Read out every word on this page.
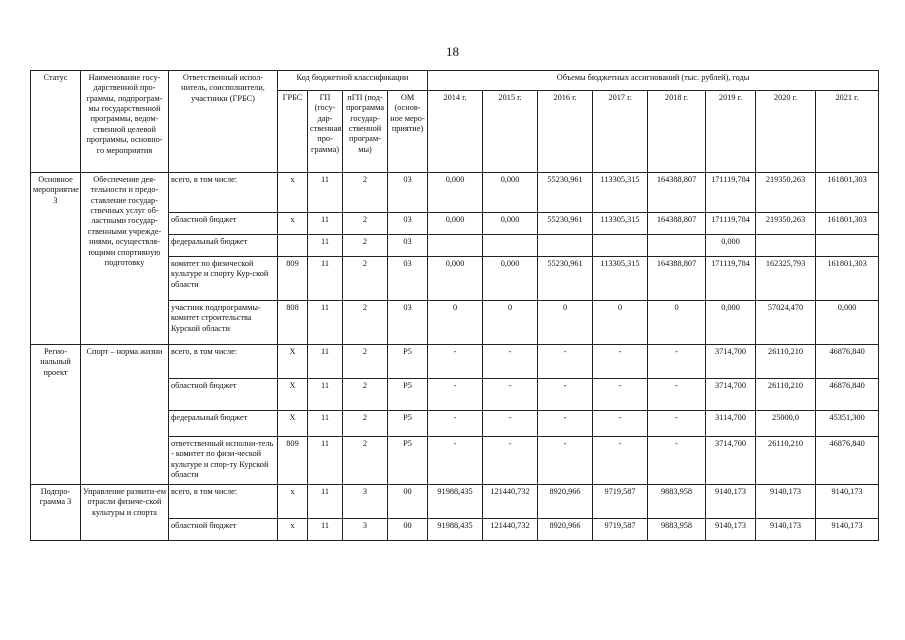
18
Статус	Наименование госу-дарственной про-граммы, подпрограм-мы государственной программы, ведом-ственной целевой программы, основно-го мероприятия	Ответственный испол-нитель, соисполнители, участники (ГРБС)	Код бюджетной классификации				Объемы бюджетных ассигнований (тыс. рублей), годы							
			ГРБС	ГП (госу-дар-ственная про-грамма)	пГП (под-программа государ-ственной програм-мы)	ОМ (основ-ное меро-приятие)	2014 г.	2015 г.	2016 г.	2017 г.	2018 г.	2019 г.	2020 г.	2021 г.
Основное мероприятие 3	Обеспечение дея-тельности и предо-ставление государ-ственных услуг об-ластными государ-ственными учрежде-ниями, осуществля-ющими спортивную подготовку	всего, в том числе:	x	11	2	03	0,000	0,000	55230,961	113305,315	164388,807	171119,784	219350,263	161801,303
		областной бюджет	x	11	2	03	0,000	0,000	55230,961	113305,315	164388,807	171119,784	219350,263	161801,303
		федеральный бюджет		11	2	03						0,000		
		комитет по физической культуре и спорту Кур-ской области	809	11	2	03	0,000	0,000	55230,961	113305,315	164388,807	171119,784	162325,793	161801,303
		участник подпрограммы-комитет строительства Курской области	808	11	2	03	0	0	0	0	0	0,000	57024,470	0,000
Регио-нальный проект	Спорт – норма жизни	всего, в том числе:	X	11	2	P5	-	-	-	-	-	3714,700	26110,210	46876,840
		областной бюджет	X	11	2	P5	-	-	-	-	-	3714,700	26110,210	46876,840
		федеральный бюджет	X	11	2	P5	-	-	-	-	-	3114,700	25000,0	45351,300
		ответственный исполни-тель - комитет по физи-ческой культуре и спор-ту Курской области	809	11	2	P5	-	-	-	-	-	3714,700	26110,210	46876,840
Подпро-грамма 3	Управление развити-ем отрасли физиче-ской культуры и спорта	всего, в том числе:	x	11	3	00	91988,435	121440,732	8920,966	9719,587	9883,958	9140,173	9140,173	9140,173
		областной бюджет	x	11	3	00	91988,435	121440,732	8920,966	9719,587	9883,958	9140,173	9140,173	9140,173
